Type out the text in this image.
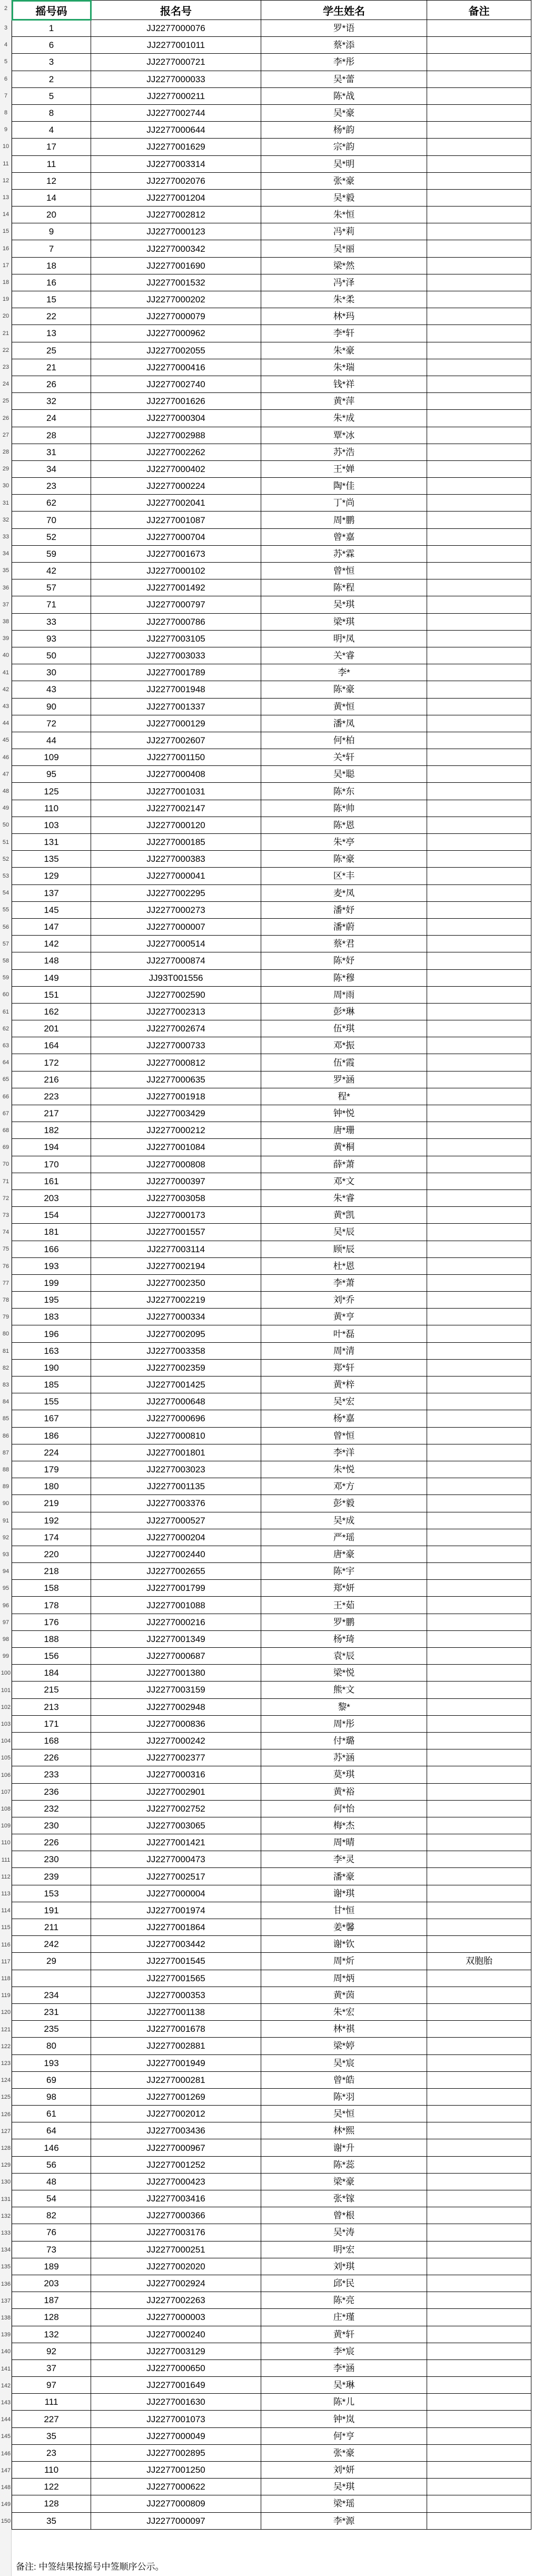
摇号码	报名号	学生姓名	备注
1	JJ2277000076	罗*语	
6	JJ2277001011	蔡*添	
3	JJ2277000721	李*彤	
2	JJ2277000033	吴*蕾	
5	JJ2277000211	陈*战	
8	JJ2277002744	吴*豪	
4	JJ2277000644	杨*韵	
17	JJ2277001629	宗*韵	
11	JJ2277003314	吴*明	
12	JJ2277002076	张*豪	
14	JJ2277001204	吴*毅	
20	JJ2277002812	朱*恒	
9	JJ2277000123	冯*莉	
7	JJ2277000342	吴*丽	
18	JJ2277001690	梁*然	
16	JJ2277001532	冯*泽	
15	JJ2277000202	朱*柔	
22	JJ2277000079	林*玛	
13	JJ2277000962	李*轩	
25	JJ2277002055	朱*豪	
21	JJ2277000416	朱*瑞	
26	JJ2277002740	钱*祥	
32	JJ2277001626	黄*萍	
24	JJ2277000304	朱*成	
28	JJ2277002988	覃*冰	
31	JJ2277002262	苏*浩	
34	JJ2277000402	王*婵	
23	JJ2277000224	陶*佳	
62	JJ2277002041	丁*尚	
70	JJ2277001087	周*鹏	
52	JJ2277000704	曾*嘉	
59	JJ2277001673	苏*霖	
42	JJ2277000102	曾*恒	
57	JJ2277001492	陈*程	
71	JJ2277000797	吴*琪	
33	JJ2277000786	梁*琪	
93	JJ2277003105	明*凤	
50	JJ2277003033	关*睿	
30	JJ2277001789	李*	
43	JJ2277001948	陈*豪	
90	JJ2277001337	黄*恒	
72	JJ2277000129	潘*凤	
44	JJ2277002607	何*柏	
109	JJ2277001150	关*轩	
95	JJ2277000408	吴*聪	
125	JJ2277001031	陈*东	
110	JJ2277002147	陈*帅	
103	JJ2277000120	陈*恩	
131	JJ2277000185	朱*亭	
135	JJ2277000383	陈*豪	
129	JJ2277000041	区*丰	
137	JJ2277002295	麦*凤	
145	JJ2277000273	潘*妤	
147	JJ2277000007	潘*蔚	
142	JJ2277000514	蔡*君	
148	JJ2277000874	陈*妤	
149	JJ93T001556	陈*穆	
151	JJ2277002590	周*雨	
162	JJ2277002313	彭*琳	
201	JJ2277002674	伍*琪	
164	JJ2277000733	邓*振	
172	JJ2277000812	伍*霞	
216	JJ2277000635	罗*涵	
223	JJ2277001918	程*	
217	JJ2277003429	钟*悦	
182	JJ2277000212	唐*珊	
194	JJ2277001084	黄*桐	
170	JJ2277000808	薛*萧	
161	JJ2277000397	邓*文	
203	JJ2277003058	朱*睿	
154	JJ2277000173	黄*凯	
181	JJ2277001557	吴*辰	
166	JJ2277003114	顾*辰	
193	JJ2277002194	杜*恩	
199	JJ2277002350	李*萧	
195	JJ2277002219	刘*乔	
183	JJ2277000334	黄*亨	
196	JJ2277002095	叶*磊	
163	JJ2277003358	周*清	
190	JJ2277002359	郑*轩	
185	JJ2277001425	黄*梓	
155	JJ2277000648	吴*宏	
167	JJ2277000696	杨*嘉	
186	JJ2277000810	曾*恒	
224	JJ2277001801	李*洋	
179	JJ2277003023	朱*悦	
180	JJ2277001135	邓*方	
219	JJ2277003376	彭*毅	
192	JJ2277000527	吴*成	
174	JJ2277000204	严*瑶	
220	JJ2277002440	唐*豪	
218	JJ2277002655	陈*宇	
158	JJ2277001799	郑*妍	
178	JJ2277001088	王*茹	
176	JJ2277000216	罗*鹏	
188	JJ2277001349	杨*琦	
156	JJ2277000687	袁*辰	
184	JJ2277001380	梁*悦	
215	JJ2277003159	熊*文	
213	JJ2277002948	黎*	
171	JJ2277000836	周*彤	
168	JJ2277000242	付*璐	
226	JJ2277002377	苏*涵	
233	JJ2277000316	莫*琪	
236	JJ2277002901	黄*裕	
232	JJ2277002752	何*怡	
230	JJ2277003065	梅*杰	
226	JJ2277001421	周*晴	
230	JJ2277000473	李*灵	
239	JJ2277002517	潘*豪	
153	JJ2277000004	谢*琪	
191	JJ2277001974	甘*恒	
211	JJ2277001864	姜*馨	
242	JJ2277003442	谢*钦	
29	JJ2277001545	周*炘	双胞胎
	JJ2277001565	周*炳	
234	JJ2277000353	黄*茵	
231	JJ2277001138	朱*宏	
235	JJ2277001678	林*祺	
80	JJ2277002881	梁*婷	
193	JJ2277001949	吴*宸	
69	JJ2277000281	曾*皓	
98	JJ2277001269	陈*羽	
61	JJ2277002012	吴*恒	
64	JJ2277003436	林*熙	
146	JJ2277000967	谢*升	
56	JJ2277001252	陈*蕊	
48	JJ2277000423	梁*豪	
54	JJ2277003416	张*镓	
82	JJ2277000366	曾*根	
76	JJ2277003176	吴*涛	
73	JJ2277000251	明*宏	
189	JJ2277002020	刘*琪	
203	JJ2277002924	邱*民	
187	JJ2277002263	陈*亮	
128	JJ2277000003	庄*瑾	
132	JJ2277000240	黄*轩	
92	JJ2277003129	李*宸	
37	JJ2277000650	李*涵	
97	JJ2277001649	吴*琳	
111	JJ2277001630	陈*儿	
227	JJ2277001073	钟*岚	
35	JJ2277000049	何*亨	
23	JJ2277002895	张*豪	
110	JJ2277001250	刘*妍	
122	JJ2277000622	吴*琪	
128	JJ2277000809	梁*瑶	
35	JJ2277000097	李*源	
2
3
4
5
6
7
8
9
10
11
12
13
14
15
16
17
18
19
20
21
22
23
24
25
26
27
28
29
30
31
32
33
34
35
36
37
38
39
40
41
42
43
44
45
46
47
48
49
50
51
52
53
54
55
56
57
58
59
60
61
62
63
64
65
66
67
68
69
70
71
72
73
74
75
76
77
78
79
80
81
82
83
84
85
86
87
88
89
90
91
92
93
94
95
96
97
98
99
100
101
102
103
104
105
106
107
108
109
110
111
112
113
114
115
116
117
118
119
120
121
122
123
124
125
126
127
128
129
130
131
132
133
134
135
136
137
138
139
140
141
142
143
144
145
146
147
148
149
150
备注: 中签结果按摇号中签顺序公示。
